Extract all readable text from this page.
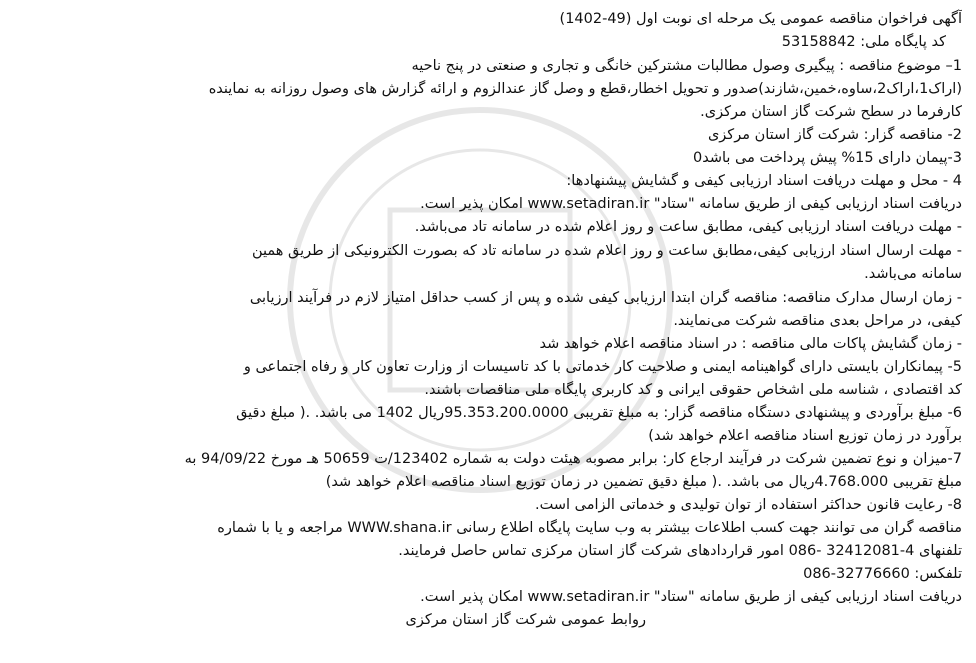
آگهی فراخوان مناقصه عمومی یک مرحله ای نوبت اول (49-1402)
کد پایگاه ملی: 53158842
1– موضوع مناقصه : پیگیری وصول مطالبات مشترکین خانگی و تجاری و صنعتی در پنج ناحیه
(اراک1،اراک2،ساوه،خمین،شازند)صدور و تحویل اخطار،قطع و وصل گاز عندالزوم و ارائه گزارش های وصول روزانه به نماینده
کارفرما در سطح شرکت گاز استان مرکزی.
2- مناقصه گزار: شرکت گاز استان مرکزی
3-پیمان دارای 15% پیش پرداخت می باشد0
4 - محل و مهلت دریافت اسناد ارزیابی کیفی و گشایش پیشنهادها:
دریافت اسناد ارزیابی کیفی از طریق سامانه "ستاد" www.setadiran.ir امکان پذیر است.
- مهلت دریافت اسناد ارزیابی کیفی، مطابق ساعت و روز اعلام شده در سامانه تاد می‌باشد.
- مهلت ارسال اسناد ارزیابی کیفی،مطابق ساعت و روز اعلام شده در سامانه تاد که بصورت الکترونیکی از طریق همین
سامانه می‌باشد.
- زمان ارسال مدارک مناقصه: مناقصه گران ابتدا ارزیابی کیفی شده و پس از کسب حداقل امتیاز لازم در فرآیند ارزیابی
کیفی، در مراحل بعدی مناقصه شرکت می‌نمایند.
- زمان گشایش پاکات مالی مناقصه : در اسناد مناقصه اعلام خواهد شد
5- پیمانکاران بایستی دارای گواهینامه ایمنی و صلاحیت کار خدماتی با کد تاسیسات از وزارت تعاون کار و رفاه اجتماعی و
کد اقتصادی ، شناسه ملی اشخاص حقوقی ایرانی و کد کاربری پایگاه ملی مناقصات باشند.
6- مبلغ برآوردی و پیشنهادی دستگاه مناقصه گزار: به مبلغ تقریبی 95.353.200.0000ریال 1402 می باشد. .( مبلغ دقیق
برآورد در زمان توزیع اسناد مناقصه اعلام خواهد شد)
7-میزان و نوع تضمین شرکت در فرآیند ارجاع کار: برابر مصوبه هیئت دولت به شماره 123402/ت 50659 هـ مورخ 94/09/22 به
مبلغ تقریبی 4.768.000ریال می باشد. .( مبلغ دقیق تضمین در زمان توزیع اسناد مناقصه اعلام خواهد شد)
8- رعایت قانون حداکثر استفاده از توان تولیدی و خدماتی الزامی است.
مناقصه گران می توانند جهت کسب اطلاعات بیشتر به وب سایت پایگاه اطلاع رسانی WWW.shana.ir مراجعه و یا با شماره
تلفنهای 4-32412081 -086 امور قراردادهای شرکت گاز استان مرکزی تماس حاصل فرمایند.
تلفکس: 32776660-086
دریافت اسناد ارزیابی کیفی از طریق سامانه "ستاد" www.setadiran.ir امکان پذیر است.
روابط عمومی شرکت گاز استان مرکزی
